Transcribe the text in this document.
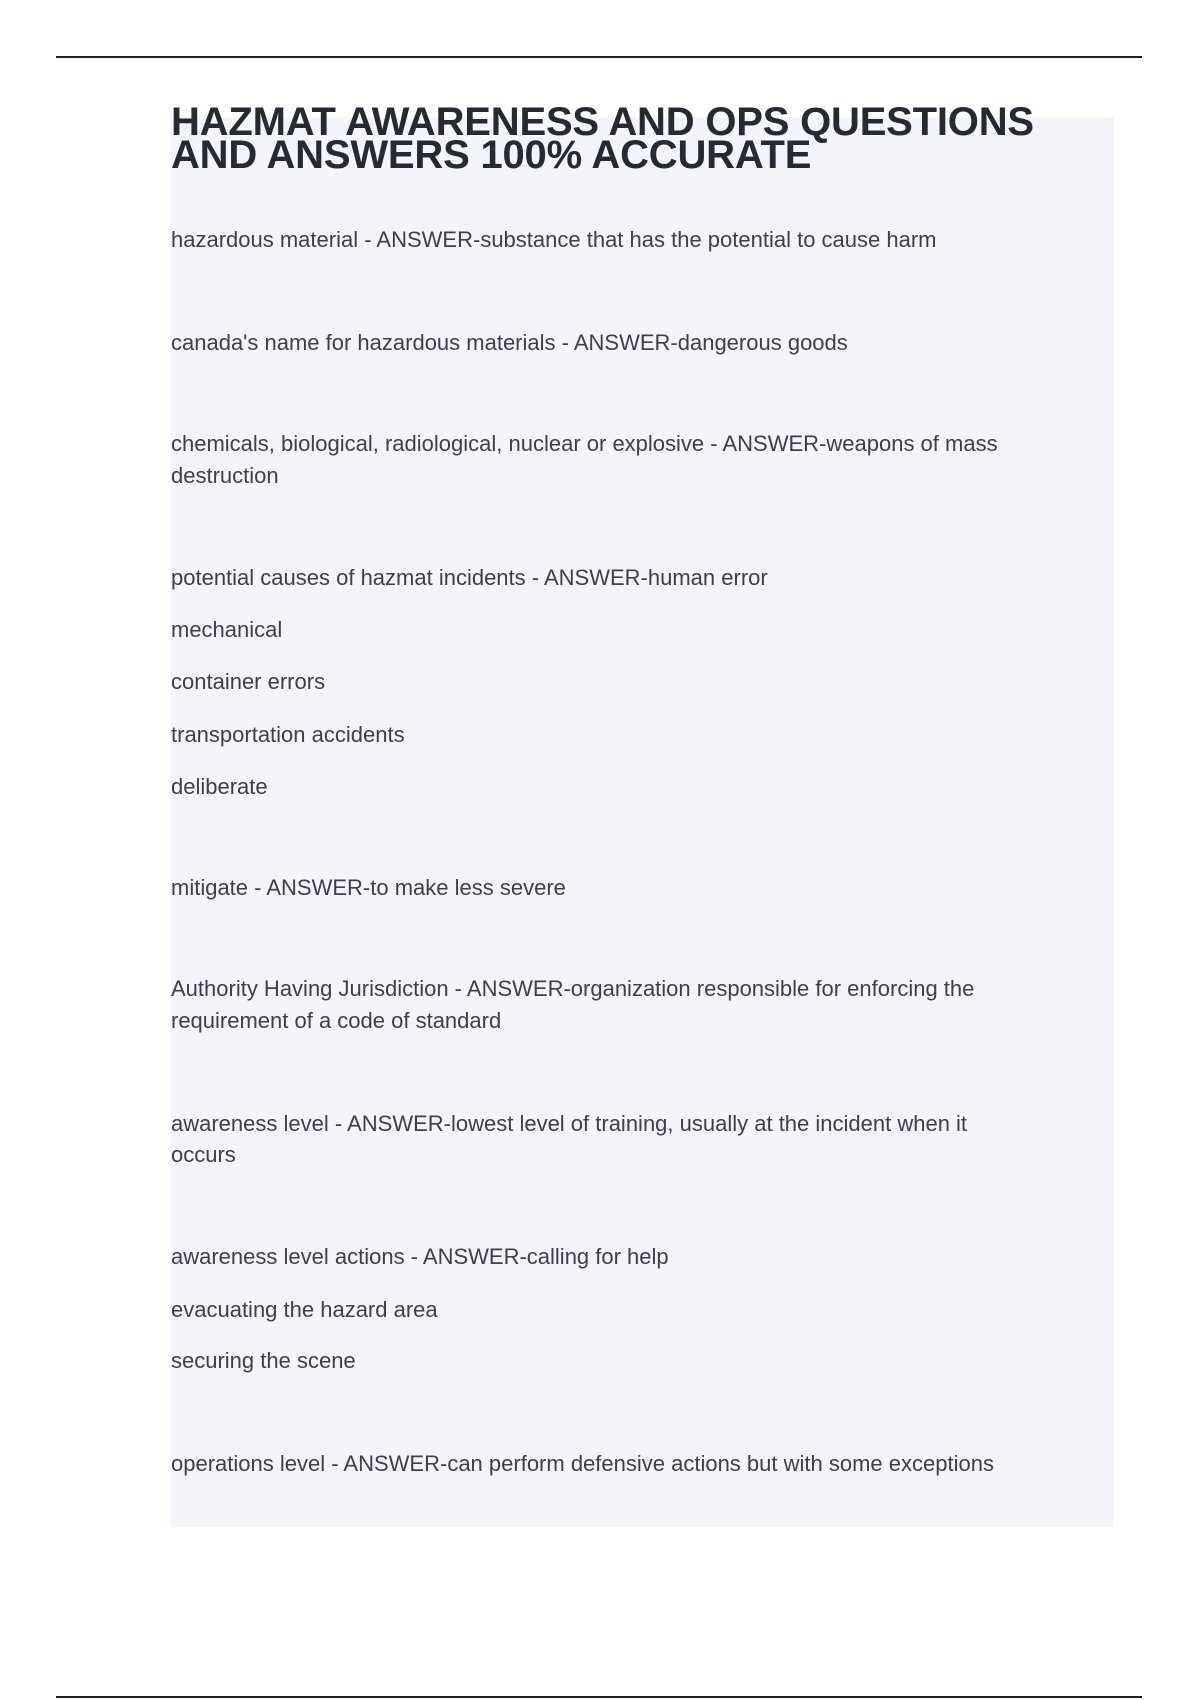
HAZMAT AWARENESS AND OPS QUESTIONS
AND ANSWERS 100% ACCURATE

hazardous material - ANSWER-substance that has the potential to cause harm

canada's name for hazardous materials - ANSWER-dangerous goods

chemicals, biological, radiological, nuclear or explosive - ANSWER-weapons of mass

destruction

potential causes of hazmat incidents - ANSWER-human error

mechanical

container errors

transportation accidents

deliberate

mitigate - ANSWER-to make less severe

Authority Having Jurisdiction - ANSWER-organization responsible for enforcing the

requirement of a code of standard

awareness level - ANSWER-lowest level of training, usually at the incident when it

occurs

awareness level actions - ANSWER-calling for help

evacuating the hazard area

securing the scene

operations level - ANSWER-can perform defensive actions but with some exceptions
